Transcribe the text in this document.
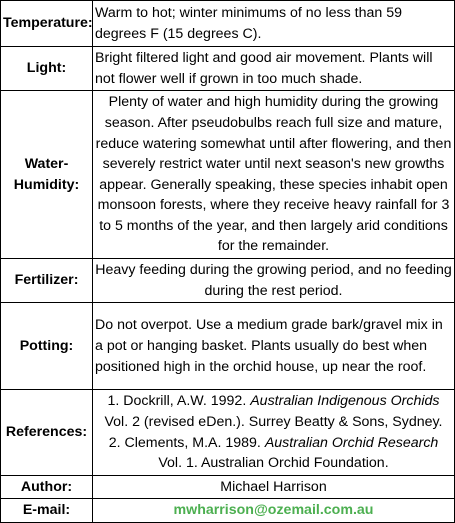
Temperature:	Warm to hot; winter minimums of no less than 59 degrees F (15 degrees C).
Light:	Bright filtered light and good air movement. Plants will not flower well if grown in too much shade.
Water-
Humidity:	Plenty of water and high humidity during the growing season. After pseudobulbs reach full size and mature, reduce watering somewhat until after flowering, and then severely restrict water until next season's new growths appear. Generally speaking, these species inhabit open monsoon forests, where they receive heavy rainfall for 3 to 5 months of the year, and then largely arid conditions for the remainder.
Fertilizer:	Heavy feeding during the growing period, and no feeding during the rest period.
Potting:	Do not overpot. Use a medium grade bark/gravel mix in a pot or hanging basket. Plants usually do best when positioned high in the orchid house, up near the roof.
References:	1. Dockrill, A.W. 1992. Australian Indigenous Orchids Vol. 2 (revised eDen.). Surrey Beatty & Sons, Sydney.
2. Clements, M.A. 1989. Australian Orchid Research Vol. 1. Australian Orchid Foundation.
Author:	Michael Harrison
E-mail:	mwharrison@ozemail.com.au
